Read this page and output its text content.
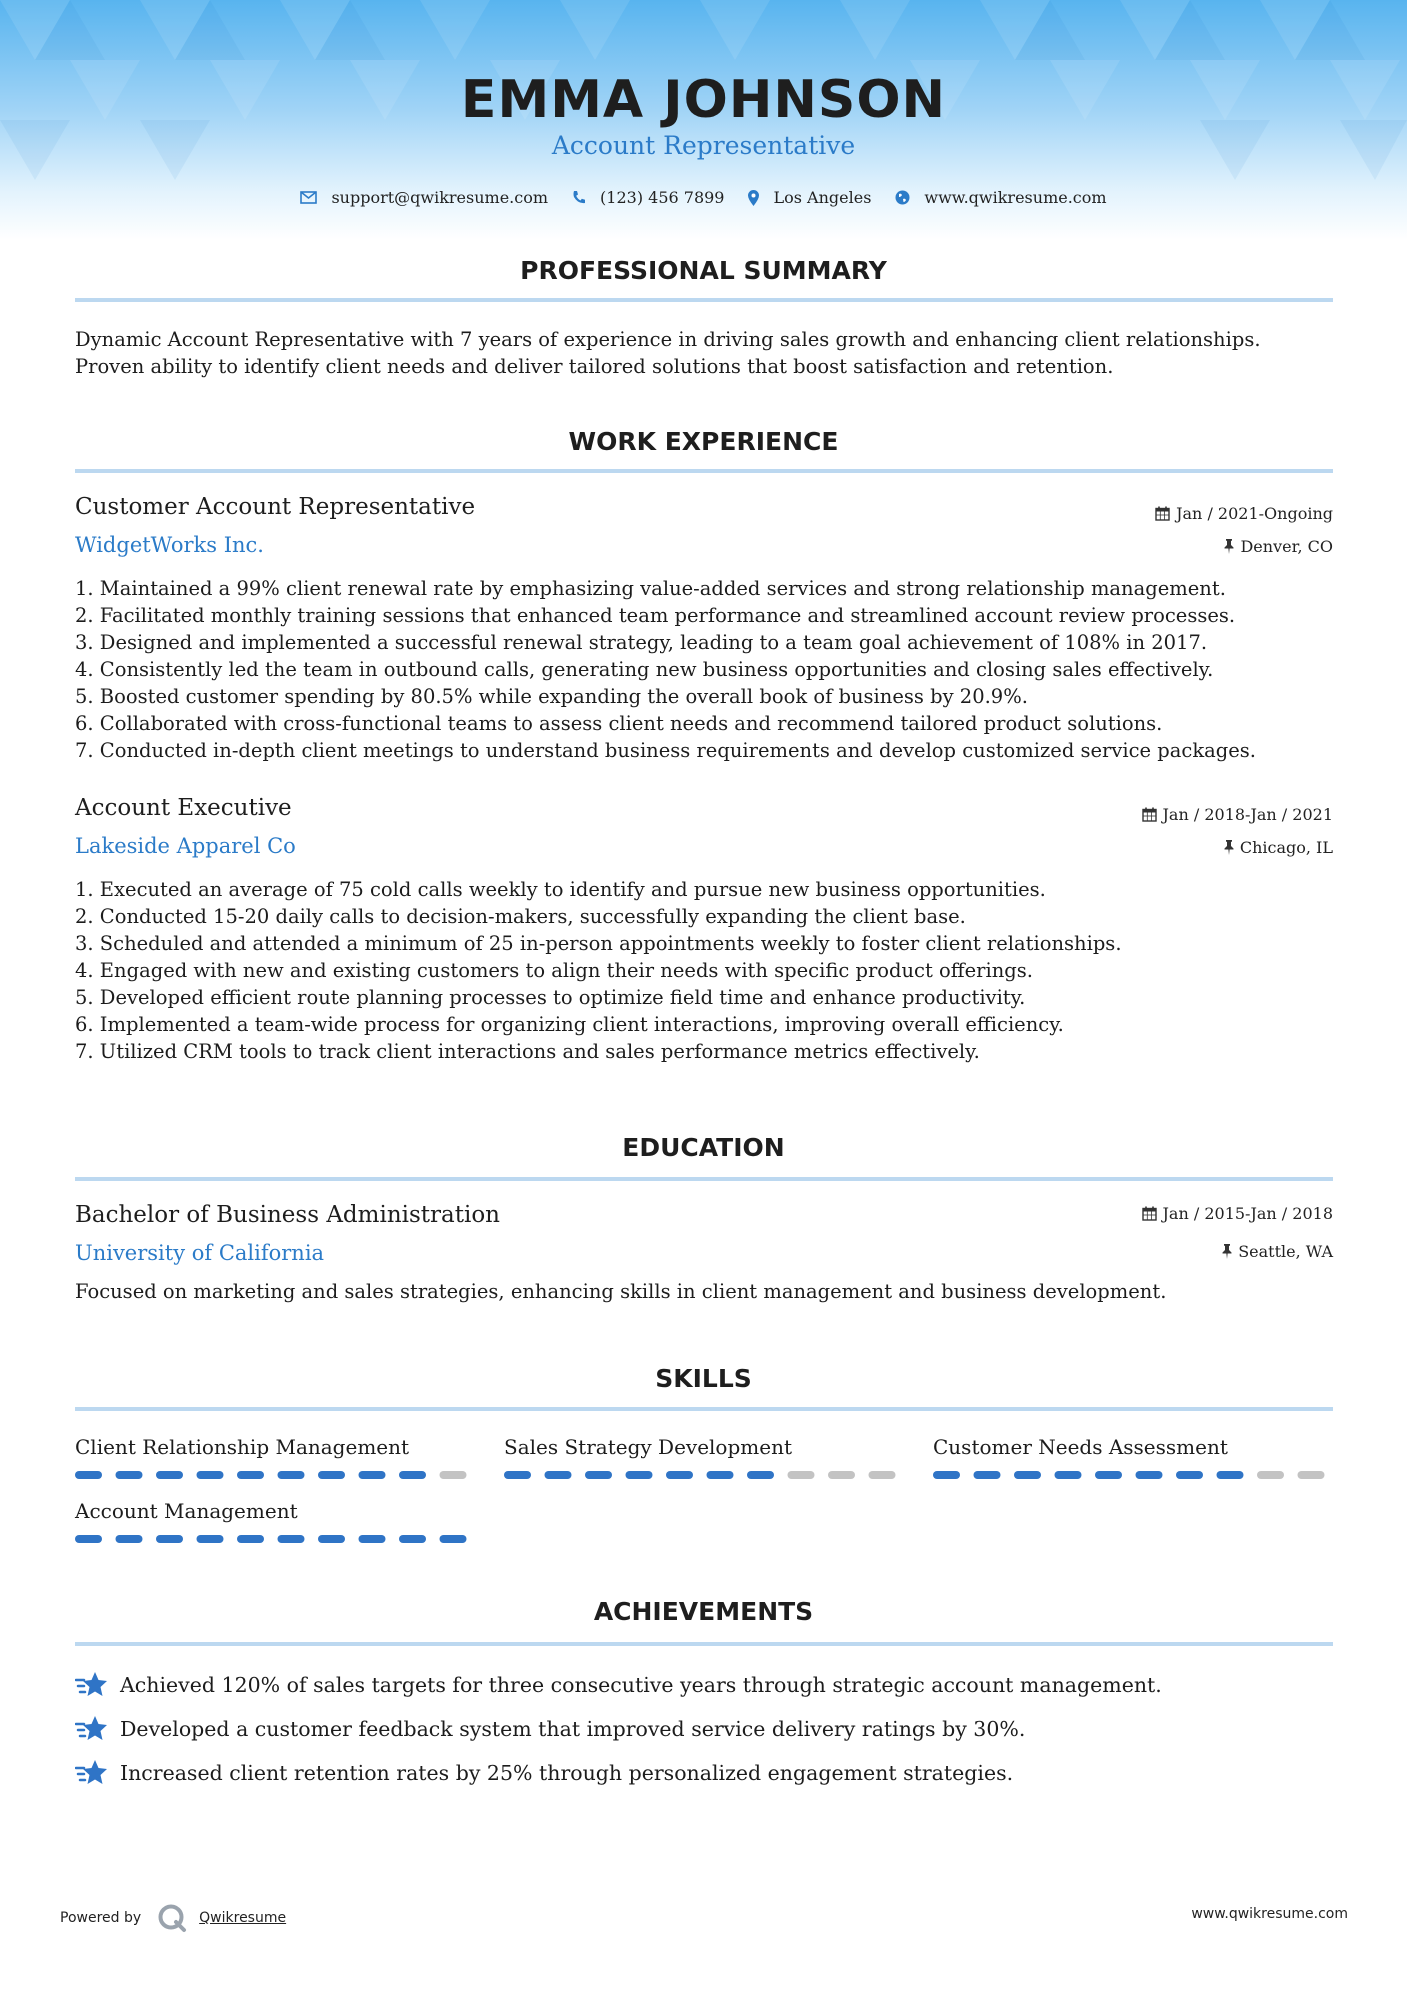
EMMA JOHNSON
Account Representative
support@qwikresume.com	(123) 456 7899	Los Angeles	www.qwikresume.com
PROFESSIONAL SUMMARY
Dynamic Account Representative with 7 years of experience in driving sales growth and enhancing client relationships.
Proven ability to identify client needs and deliver tailored solutions that boost satisfaction and retention.
WORK EXPERIENCE
Customer Account Representative
WidgetWorks Inc.
Jan / 2021-Ongoing
Denver, CO
1. Maintained a 99% client renewal rate by emphasizing value-added services and strong relationship management.
2. Facilitated monthly training sessions that enhanced team performance and streamlined account review processes.
3. Designed and implemented a successful renewal strategy, leading to a team goal achievement of 108% in 2017.
4. Consistently led the team in outbound calls, generating new business opportunities and closing sales effectively.
5. Boosted customer spending by 80.5% while expanding the overall book of business by 20.9%.
6. Collaborated with cross-functional teams to assess client needs and recommend tailored product solutions.
7. Conducted in-depth client meetings to understand business requirements and develop customized service packages.
Account Executive
Lakeside Apparel Co
Jan / 2018-Jan / 2021
Chicago, IL
1. Executed an average of 75 cold calls weekly to identify and pursue new business opportunities.
2. Conducted 15-20 daily calls to decision-makers, successfully expanding the client base.
3. Scheduled and attended a minimum of 25 in-person appointments weekly to foster client relationships.
4. Engaged with new and existing customers to align their needs with specific product offerings.
5. Developed efficient route planning processes to optimize field time and enhance productivity.
6. Implemented a team-wide process for organizing client interactions, improving overall efficiency.
7. Utilized CRM tools to track client interactions and sales performance metrics effectively.
EDUCATION
Bachelor of Business Administration
University of California
Jan / 2015-Jan / 2018
Seattle, WA
Focused on marketing and sales strategies, enhancing skills in client management and business development.
SKILLS
Client Relationship Management	Sales Strategy Development	Customer Needs Assessment
Account Management
ACHIEVEMENTS
Achieved 120% of sales targets for three consecutive years through strategic account management.
Developed a customer feedback system that improved service delivery ratings by 30%.
Increased client retention rates by 25% through personalized engagement strategies.
Powered by	Qwikresume	www.qwikresume.com
